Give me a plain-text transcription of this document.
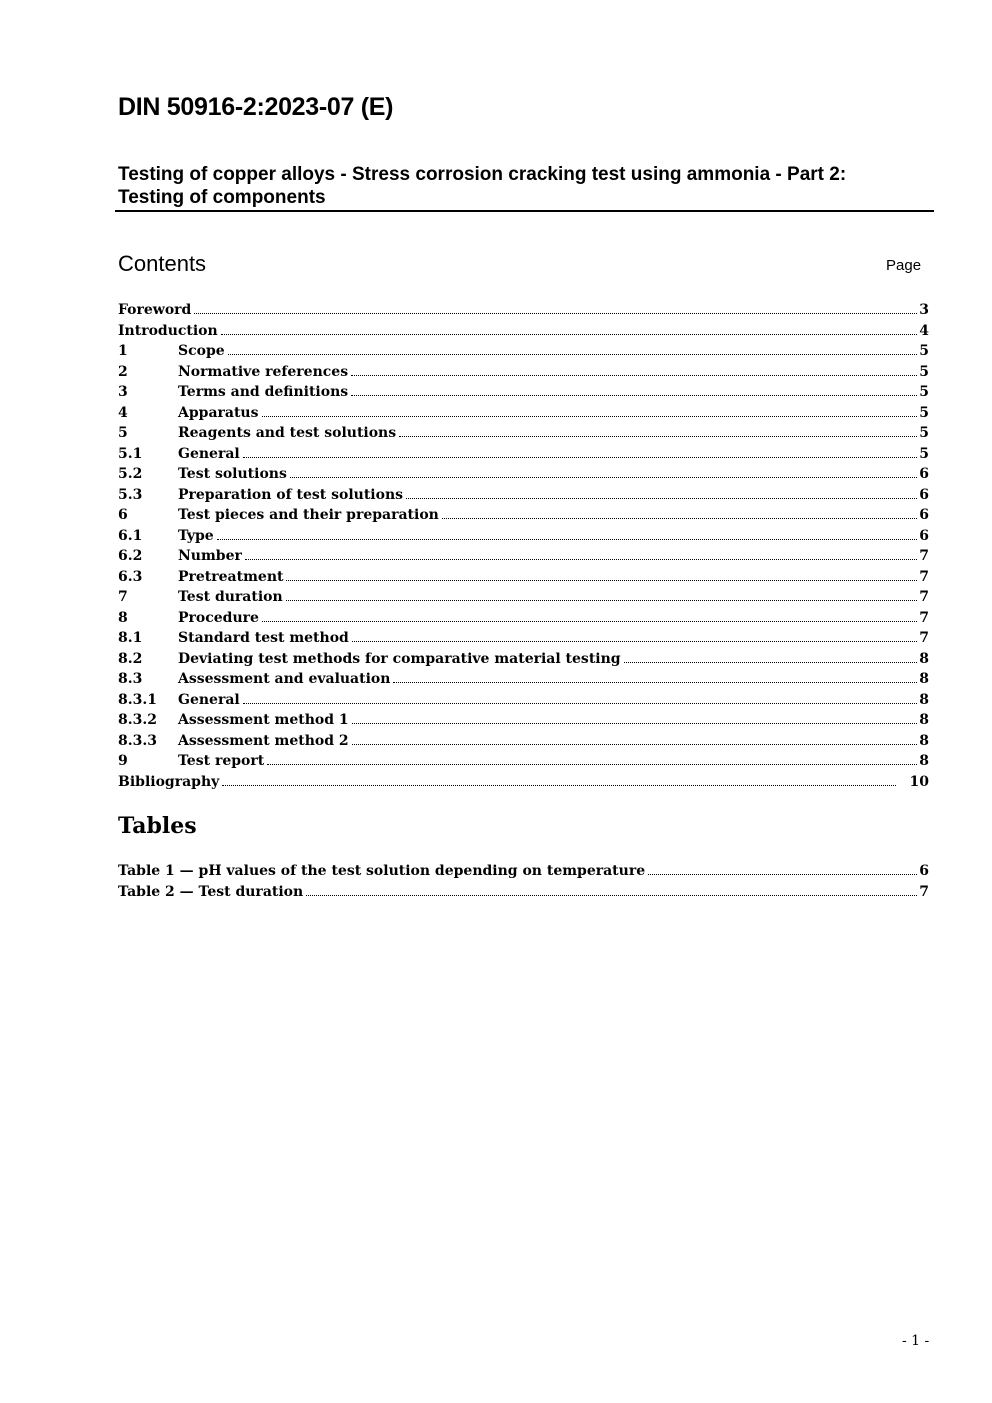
DIN 50916-2:2023-07 (E)
Testing of copper alloys - Stress corrosion cracking test using ammonia - Part 2:
Testing of components
Contents	Page
Foreword	3
Introduction	4
1	Scope	5
2	Normative references	5
3	Terms and definitions	5
4	Apparatus	5
5	Reagents and test solutions	5
5.1	General	5
5.2	Test solutions	6
5.3	Preparation of test solutions	6
6	Test pieces and their preparation	6
6.1	Type	6
6.2	Number	7
6.3	Pretreatment	7
7	Test duration	7
8	Procedure	7
8.1	Standard test method	7
8.2	Deviating test methods for comparative material testing	8
8.3	Assessment and evaluation	8
8.3.1	General	8
8.3.2	Assessment method 1	8
8.3.3	Assessment method 2	8
9	Test report	8
Bibliography	10
Tables
Table 1 — pH values of the test solution depending on temperature	6
Table 2 — Test duration	7
- 1 -
